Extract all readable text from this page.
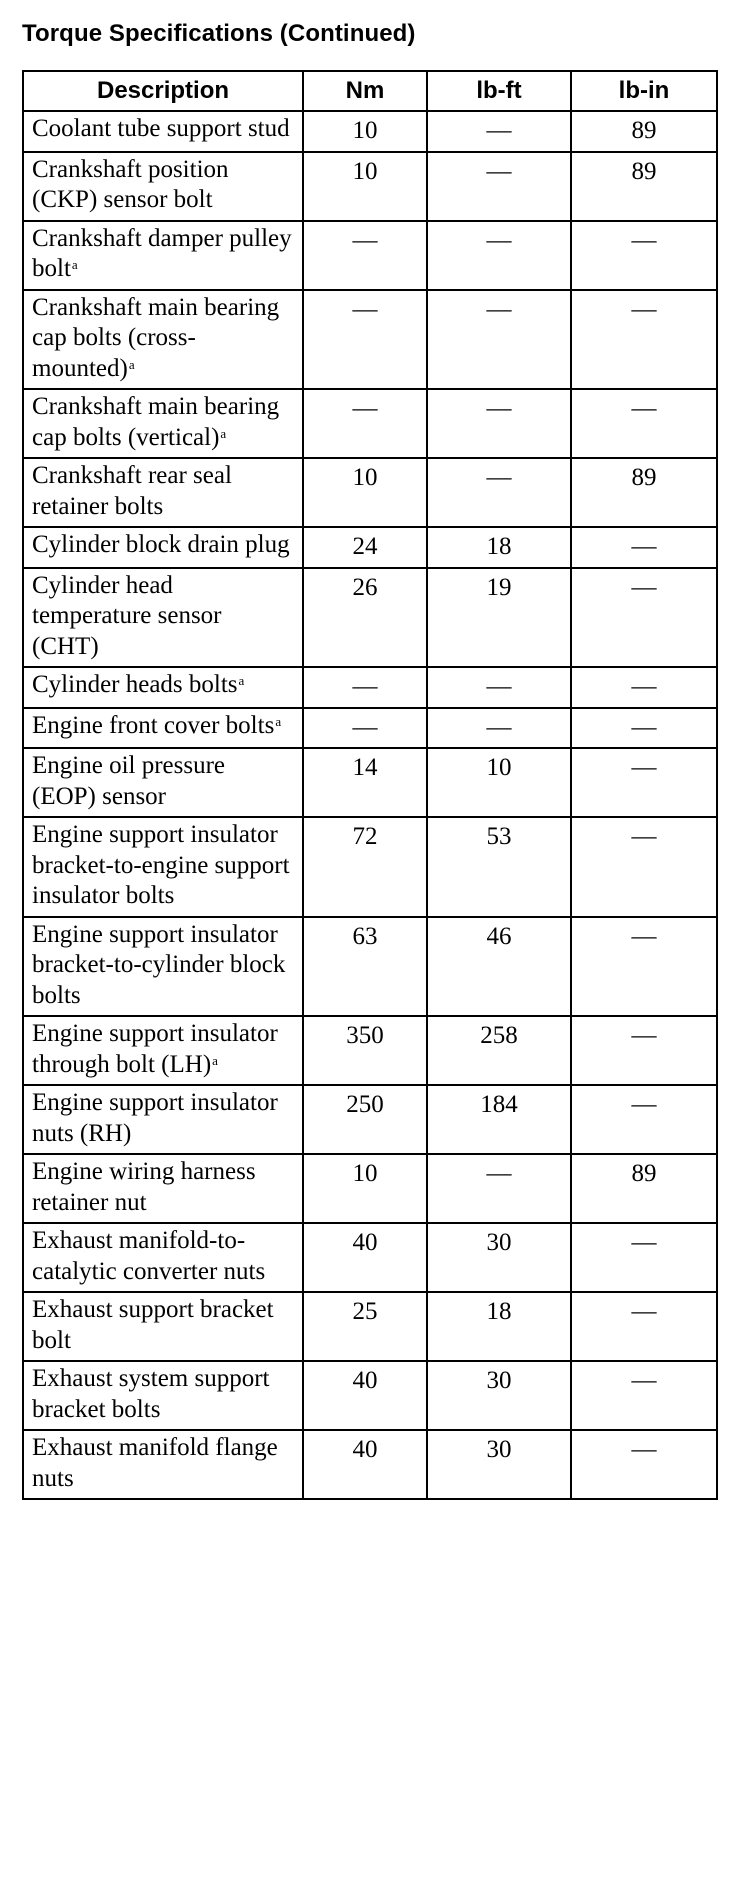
Torque Specifications (Continued)
Description	Nm	lb-ft	lb-in
Coolant tube support stud	10	—	89
Crankshaft position (CKP) sensor bolt	10	—	89
Crankshaft damper pulley bolt$^a$	—	—	—
Crankshaft main bearing cap bolts (cross-mounted)$^a$	—	—	—
Crankshaft main bearing cap bolts (vertical)$^a$	—	—	—
Crankshaft rear seal retainer bolts	10	—	89
Cylinder block drain plug	24	18	—
Cylinder head temperature sensor (CHT)	26	19	—
Cylinder heads bolts$^a$	—	—	—
Engine front cover bolts$^a$	—	—	—
Engine oil pressure (EOP) sensor	14	10	—
Engine support insulator bracket-to-engine support insulator bolts	72	53	—
Engine support insulator bracket-to-cylinder block bolts	63	46	—
Engine support insulator through bolt (LH)$^a$	350	258	—
Engine support insulator nuts (RH)	250	184	—
Engine wiring harness retainer nut	10	—	89
Exhaust manifold-to-catalytic converter nuts	40	30	—
Exhaust support bracket bolt	25	18	—
Exhaust system support bracket bolts	40	30	—
Exhaust manifold flange nuts	40	30	—
